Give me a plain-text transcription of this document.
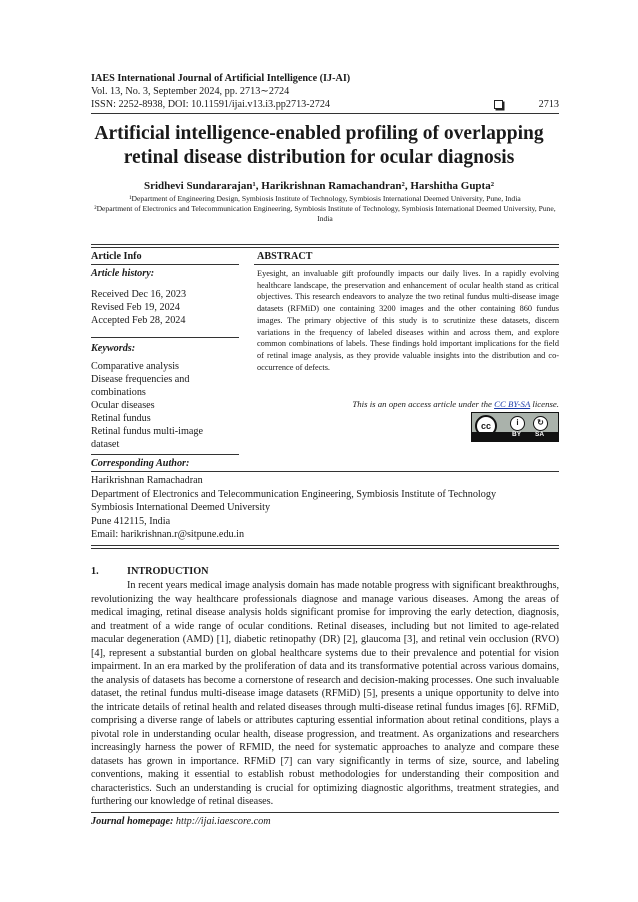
IAES International Journal of Artificial Intelligence (IJ-AI)
Vol. 13, No. 3, September 2024, pp. 2713∼2724
ISSN: 2252-8938, DOI: 10.11591/ijai.v13.i3.pp2713-2724	2713
Artificial intelligence-enabled profiling of overlapping
retinal disease distribution for ocular diagnosis
Sridhevi Sundararajan¹, Harikrishnan Ramachandran², Harshitha Gupta²
¹Department of Engineering Design, Symbiosis Institute of Technology, Symbiosis International Deemed University, Pune, India
²Department of Electronics and Telecommunication Engineering, Symbiosis Institute of Technology, Symbiosis International Deemed University, Pune, India
Article Info	ABSTRACT
Article history:
Received Dec 16, 2023
Revised Feb 19, 2024
Accepted Feb 28, 2024
Keywords:
Comparative analysis
Disease frequencies and combinations
Ocular diseases
Retinal fundus
Retinal fundus multi-image dataset
Eyesight, an invaluable gift profoundly impacts our daily lives. In a rapidly evolving healthcare landscape, the preservation and enhancement of ocular health stand as critical objectives. This research endeavors to analyze the two retinal fundus multi-disease image datasets (RFMiD) one containing 3200 images and the other containing 860 fundus images. The primary objective of this study is to scrutinize these datasets, discern variations in the frequency of labeled diseases within and across them, and explore common combinations of labels. These findings hold important implications for the field of retinal image analysis, as they provide valuable insights into the distribution and co-occurrence of defects.
This is an open access article under the CC BY-SA license.
cc	i	↻
BY SA
Corresponding Author:
Harikrishnan Ramachadran
Department of Electronics and Telecommunication Engineering, Symbiosis Institute of Technology
Symbiosis International Deemed University
Pune 412115, India
Email: harikrishnan.r@sitpune.edu.in
1.	INTRODUCTION
In recent years medical image analysis domain has made notable progress with significant breakthroughs, revolutionizing the way healthcare professionals diagnose and manage various diseases. Among the areas of medical imaging, retinal disease analysis holds significant promise for improving the early detection, diagnosis, and treatment of a wide range of ocular conditions. Retinal diseases, including but not limited to age-related macular degeneration (AMD) [1], diabetic retinopathy (DR) [2], glaucoma [3], and retinal vein occlusion (RVO) [4], represent a substantial burden on global healthcare systems due to their prevalence and potential for vision impairment. In an era marked by the proliferation of data and its transformative potential across various domains, the analysis of datasets has become a cornerstone of research and decision-making processes. One such invaluable dataset, the retinal fundus multi-disease image datasets (RFMiD) [5], presents a unique opportunity to delve into the intricate details of retinal health and related diseases through multi-disease retinal fundus images [6]. RFMiD, comprising a diverse range of labels or attributes capturing essential information about retinal conditions, plays a pivotal role in understanding ocular health, disease progression, and treatment. As organizations and researchers increasingly harness the power of RFMID, the need for systematic approaches to analyze and compare these datasets has grown in importance. RFMiD [7] can vary significantly in terms of size, source, and labeling conventions, making it essential to establish robust methodologies for understanding their composition and characteristics. Such an understanding is crucial for optimizing diagnostic algorithms, treatment strategies, and furthering our knowledge of retinal diseases.
Journal homepage: http://ijai.iaescore.com
